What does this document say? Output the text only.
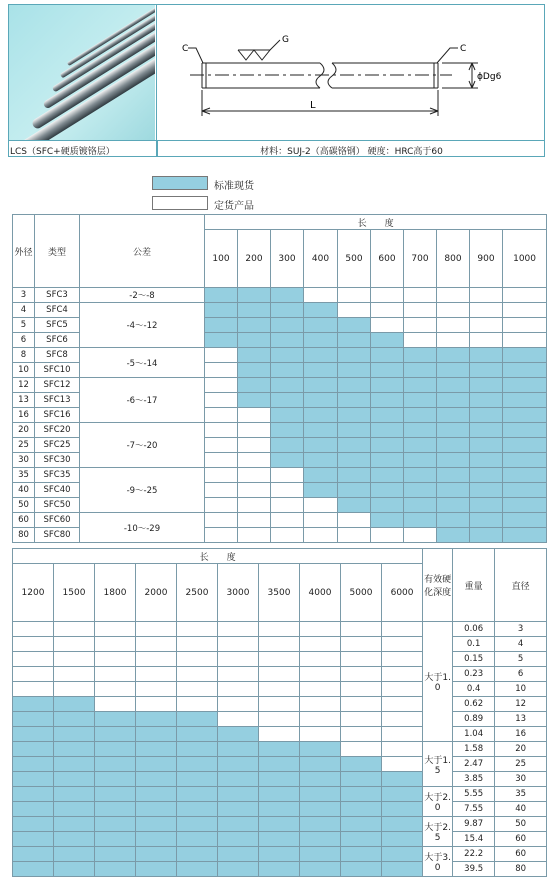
LCS（SFC+硬质镀铬层）	材料：SUJ-2（高碳铬钢） 硬度：HRC高于60
C
G
C
L
ϕDg6
标准现货
定货产品
外径	类型	公差	长　　度									
			100	200	300	400	500	600	700	800	900	1000
3	SFC3	-2～-8										
4	SFC4	-4～-12										
5	SFC5											
6	SFC6											
8	SFC8	-5～-14										
10	SFC10											
12	SFC12	-6～-17										
13	SFC13											
16	SFC16											
20	SFC20	-7～-20										
25	SFC25											
30	SFC30											
35	SFC35	-9～-25										
40	SFC40											
50	SFC50											
60	SFC60	-10～-29										
80	SFC80											
长　　度										有效硬化深度	重量	直径
1200	1500	1800	2000	2500	3000	3500	4000	5000	6000			
										大于1.0	0.06	3
											0.1	4
											0.15	5
											0.23	6
											0.4	10
											0.62	12
											0.89	13
											1.04	16
										大于1.5	1.58	20
											2.47	25
											3.85	30
										大于2.0	5.55	35
											7.55	40
										大于2.5	9.87	50
											15.4	60
										大于3.0	22.2	60
											39.5	80
